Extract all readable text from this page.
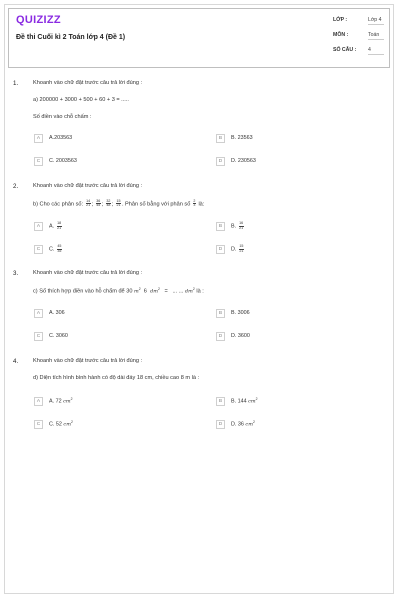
QUIZIZZ
Đề thi Cuối kì 2 Toán lớp 4 (Đề 1)
LỚP :	Lớp 4
MÔN :	Toán
SỐ CÂU : 4
1.	Khoanh vào chữ đặt trước câu trả lời đúng :
a) 200000 + 3000 + 500 + 60 + 3 = .....
Số điền vào chỗ chấm :
A	A.203563	B	B. 23563
C	C. 2003563	D	D. 230563
2.	Khoanh vào chữ đặt trước câu trả lời đúng :
b) Cho các phân số: $\frac{14}{21}$ ; $\frac{36}{45}$ ; $\frac{32}{48}$ ; $\frac{15}{21}$ . Phân số bằng với phân số $\frac{2}{3}$ là:
A	A. $\frac{18}{21}$	B	B. $\frac{16}{21}$
C	C. $\frac{45}{35}$	D	D. $\frac{15}{21}$
3.	Khoanh vào chữ đặt trước câu trả lời đúng :
c) Số thích hợp điền vào hỗ chấm để 30 $m^2$ 6 $dm^2$ = ... ... $dm^2$ là :
A	A. 306	B	B. 3006
C	C. 3060	D	D. 3600
4.	Khoanh vào chữ đặt trước câu trả lời đúng :
d) Diện tích hình bình hành có độ dài đáy 18 cm, chiều cao 8 m là :
A	A. 72 $cm^2$	B	B. 144 $cm^2$
C	C. 52 $cm^2$	D	D. 36 $cm^2$
